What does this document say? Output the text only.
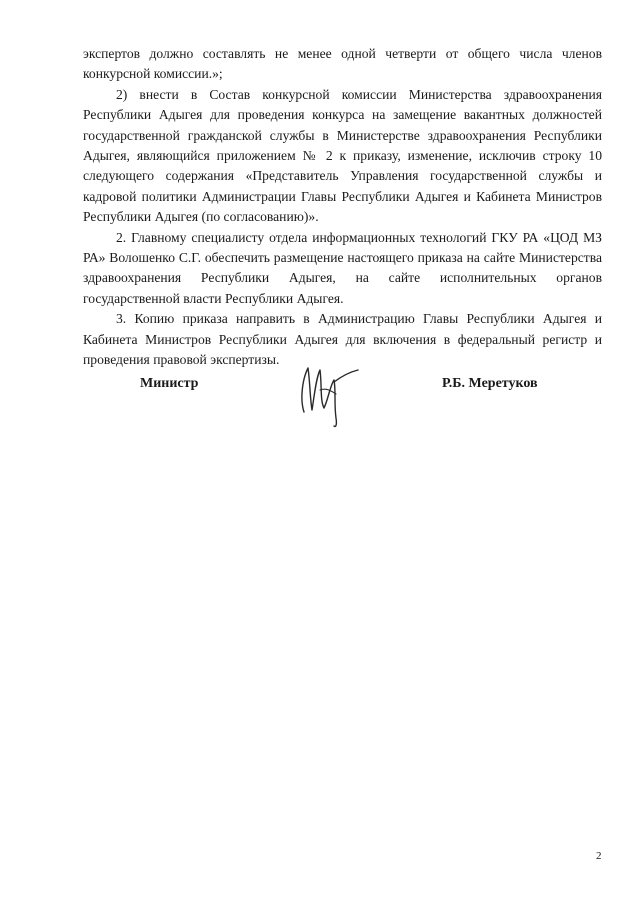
экспертов должно составлять не менее одной четверти от общего числа членов конкурсной комиссии.»;

2) внести в Состав конкурсной комиссии Министерства здравоохранения Республики Адыгея для проведения конкурса на замещение вакантных должностей государственной гражданской службы в Министерстве здравоохранения Республики Адыгея, являющийся приложением № 2 к приказу, изменение, исключив строку 10 следующего содержания «Представитель Управления государственной службы и кадровой политики Администрации Главы Республики Адыгея и Кабинета Министров Республики Адыгея (по согласованию)».

2. Главному специалисту отдела информационных технологий ГКУ РА «ЦОД МЗ РА» Волошенко С.Г. обеспечить размещение настоящего приказа на сайте Министерства здравоохранения Республики Адыгея, на сайте исполнительных органов государственной власти Республики Адыгея.

3. Копию приказа направить в Администрацию Главы Республики Адыгея и Кабинета Министров Республики Адыгея для включения в федеральный регистр и проведения правовой экспертизы.

Министр	Р.Б. Меретуков
2
